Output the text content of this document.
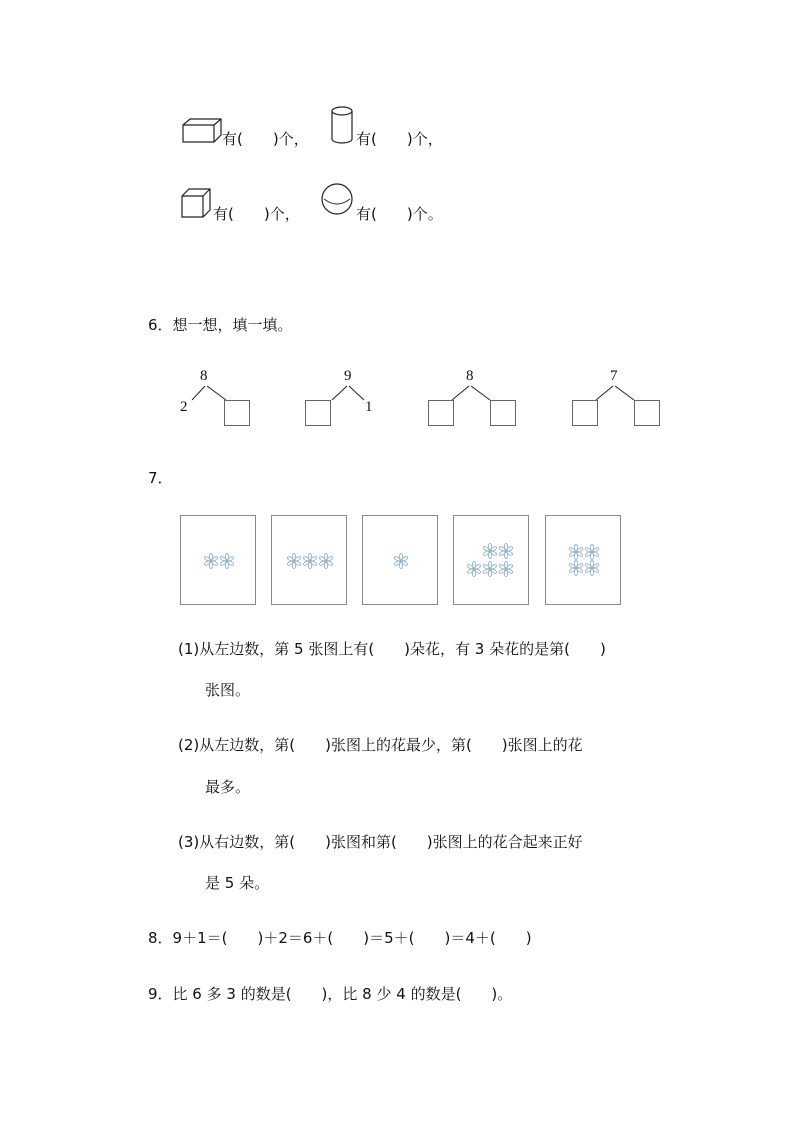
有(　　)个，	有(　　)个，
有(　　)个，	有(　　)个。
6．想一想，填一填。
8
2
9
1
8	7
7．
(1)从左边数，第 5 张图上有(　　)朵花，有 3 朵花的是第(　　)
张图。
(2)从左边数，第(　　)张图上的花最少，第(　　)张图上的花
最多。
(3)从右边数，第(　　)张图和第(　　)张图上的花合起来正好
是 5 朵。
8．9＋1＝(　　)＋2＝6＋(　　)＝5＋(　　)＝4＋(　　)
9．比 6 多 3 的数是(　　)，比 8 少 4 的数是(　　)。
